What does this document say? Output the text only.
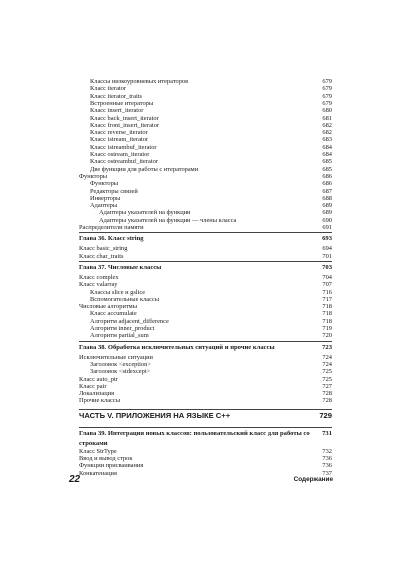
Классы низкоуровневых итераторов	679
Класс iterator	679
Класс iterator_traits	679
Встроенные итераторы	679
Класс insert_iterator	680
Класс back_insert_iterator	681
Класс front_insert_iterator	682
Класс reverse_iterator	682
Класс istream_iterator	683
Класс istreambuf_iterator	684
Класс ostream_iterator	684
Класс ostreambuf_iterator	685
Две функции для работы с итераторами	685
Функторы	686
Функторы	686
Редакторы связей	687
Инверторы	688
Адаптеры	689
Адаптеры указателей на функции	689
Адаптеры указателей на функции — члены класса	690
Распределители памяти	691
Глава 36. Класс string	693
Класс basic_string	694
Класс char_traits	701
Глава 37. Числовые классы	703
Класс complex	704
Класс valarray	707
Классы slice и gslice	716
Вспомогательные классы	717
Числовые алгоритмы	718
Класс accumulate	718
Алгоритм adjacent_difference	718
Алгоритм inner_product	719
Алгоритм partial_sum	720
Глава 38. Обработка исключительных ситуаций и прочие классы	723
Исключительные ситуации	724
Заголовок <exception>	724
Заголовок <stdexcept>	725
Класс auto_ptr	725
Класс pair	727
Локализация	728
Прочие классы	728
ЧАСТЬ V. ПРИЛОЖЕНИЯ НА ЯЗЫКЕ C++	729
Глава 39. Интеграция новых классов: пользовательский класс для работы со строками
731
Класс StrType	732
Ввод и вывод строк	736
Функции присваивания	736
Конкатенация	737
22	Содержание
